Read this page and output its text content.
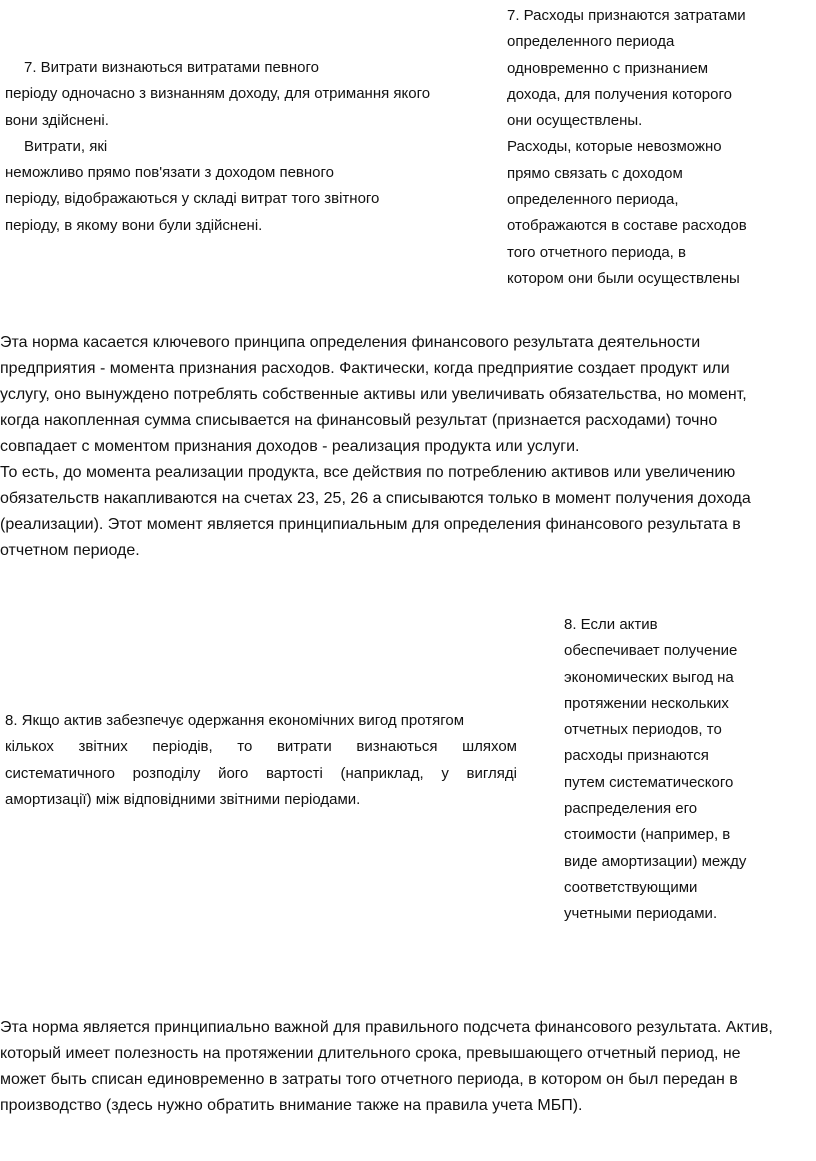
7. Витрати визнаються витратами певного
періоду одночасно з визнанням доходу, для отримання якого
вони здійснені.
Витрати, які
неможливо прямо пов'язати з доходом певного
періоду, відображаються у складі витрат того звітного
періоду, в якому вони були здійснені.
7. Расходы признаются затратами
определенного периода
одновременно с признанием
дохода, для получения которого
они осуществлены.
Расходы, которые невозможно
прямо связать с доходом
определенного периода,
отображаются в составе расходов
того отчетного периода, в
котором они были осуществлены
Эта норма касается ключевого принципа определения финансового результата деятельности
предприятия - момента признания расходов. Фактически, когда предприятие создает продукт или
услугу, оно вынуждено потреблять собственные активы или увеличивать обязательства, но момент,
когда накопленная сумма списывается на финансовый результат (признается расходами) точно
совпадает с моментом признания доходов - реализация продукта или услуги.
То есть, до момента реализации продукта, все действия по потреблению активов или увеличению
обязательств накапливаются на счетах 23, 25, 26 а списываются только в момент получения дохода
(реализации). Этот момент является принципиальным для определения финансового результата в
отчетном периоде.
8. Якщо актив забезпечує одержання економічних вигод протягом
кількох звітних періодів, то витрати визнаються шляхом
систематичного розподілу його вартості (наприклад, у вигляді
амортизації) між відповідними звітними періодами.
8. Если актив
обеспечивает получение
экономических выгод на
протяжении нескольких
отчетных периодов, то
расходы признаются
путем систематического
распределения его
стоимости (например, в
виде амортизации) между
соответствующими
учетными периодами.
Эта норма является принципиально важной для правильного подсчета финансового результата. Актив,
который имеет полезность на протяжении длительного срока, превышающего отчетный период, не
может быть списан единовременно в затраты того отчетного периода, в котором он был передан в
производство (здесь нужно обратить внимание также на правила учета МБП).
